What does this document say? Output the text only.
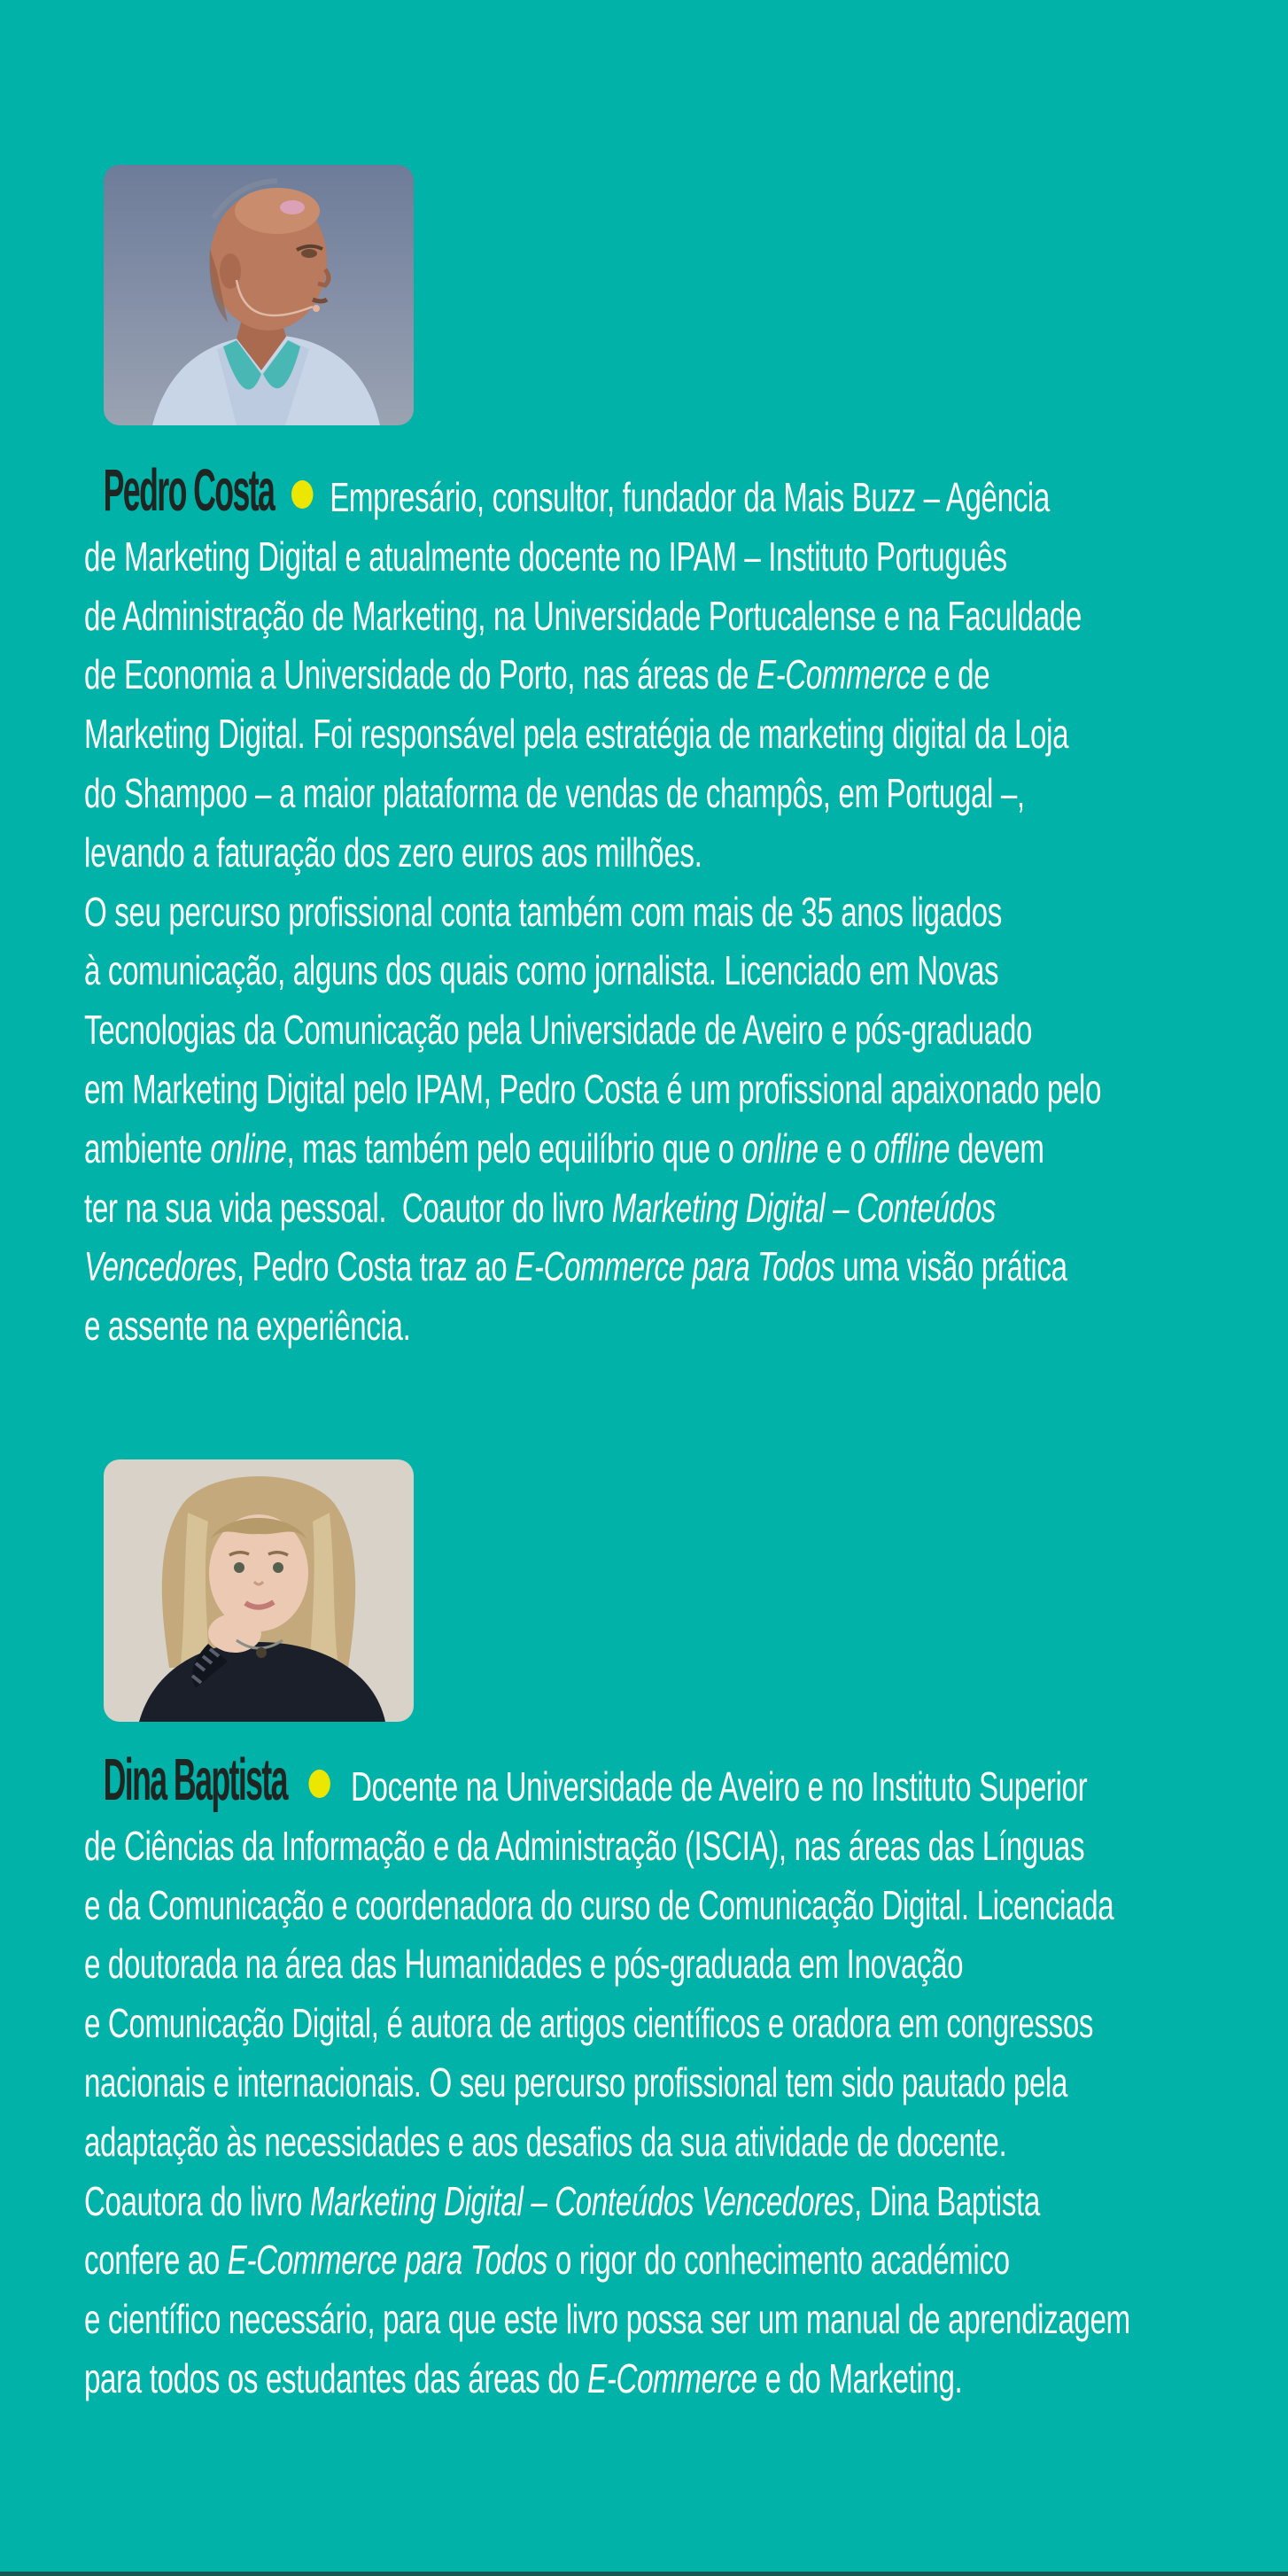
Pedro Costa Empresário, consultor, fundador da Mais Buzz – Agência
de Marketing Digital e atualmente docente no IPAM – Instituto Português
de Administração de Marketing, na Universidade Portucalense e na Faculdade
de Economia a Universidade do Porto, nas áreas de E-Commerce e de
Marketing Digital. Foi responsável pela estratégia de marketing digital da Loja
do Shampoo – a maior plataforma de vendas de champôs, em Portugal –,
levando a faturação dos zero euros aos milhões.
O seu percurso profissional conta também com mais de 35 anos ligados
à comunicação, alguns dos quais como jornalista. Licenciado em Novas
Tecnologias da Comunicação pela Universidade de Aveiro e pós-graduado
em Marketing Digital pelo IPAM, Pedro Costa é um profissional apaixonado pelo
ambiente online, mas também pelo equilíbrio que o online e o offline devem
ter na sua vida pessoal.  Coautor do livro Marketing Digital – Conteúdos
Vencedores, Pedro Costa traz ao E-Commerce para Todos uma visão prática
e assente na experiência.
Dina Baptista Docente na Universidade de Aveiro e no Instituto Superior
de Ciências da Informação e da Administração (ISCIA), nas áreas das Línguas
e da Comunicação e coordenadora do curso de Comunicação Digital. Licenciada
e doutorada na área das Humanidades e pós-graduada em Inovação
e Comunicação Digital, é autora de artigos científicos e oradora em congressos
nacionais e internacionais. O seu percurso profissional tem sido pautado pela
adaptação às necessidades e aos desafios da sua atividade de docente.
Coautora do livro Marketing Digital – Conteúdos Vencedores, Dina Baptista
confere ao E-Commerce para Todos o rigor do conhecimento académico
e científico necessário, para que este livro possa ser um manual de aprendizagem
para todos os estudantes das áreas do E-Commerce e do Marketing.
